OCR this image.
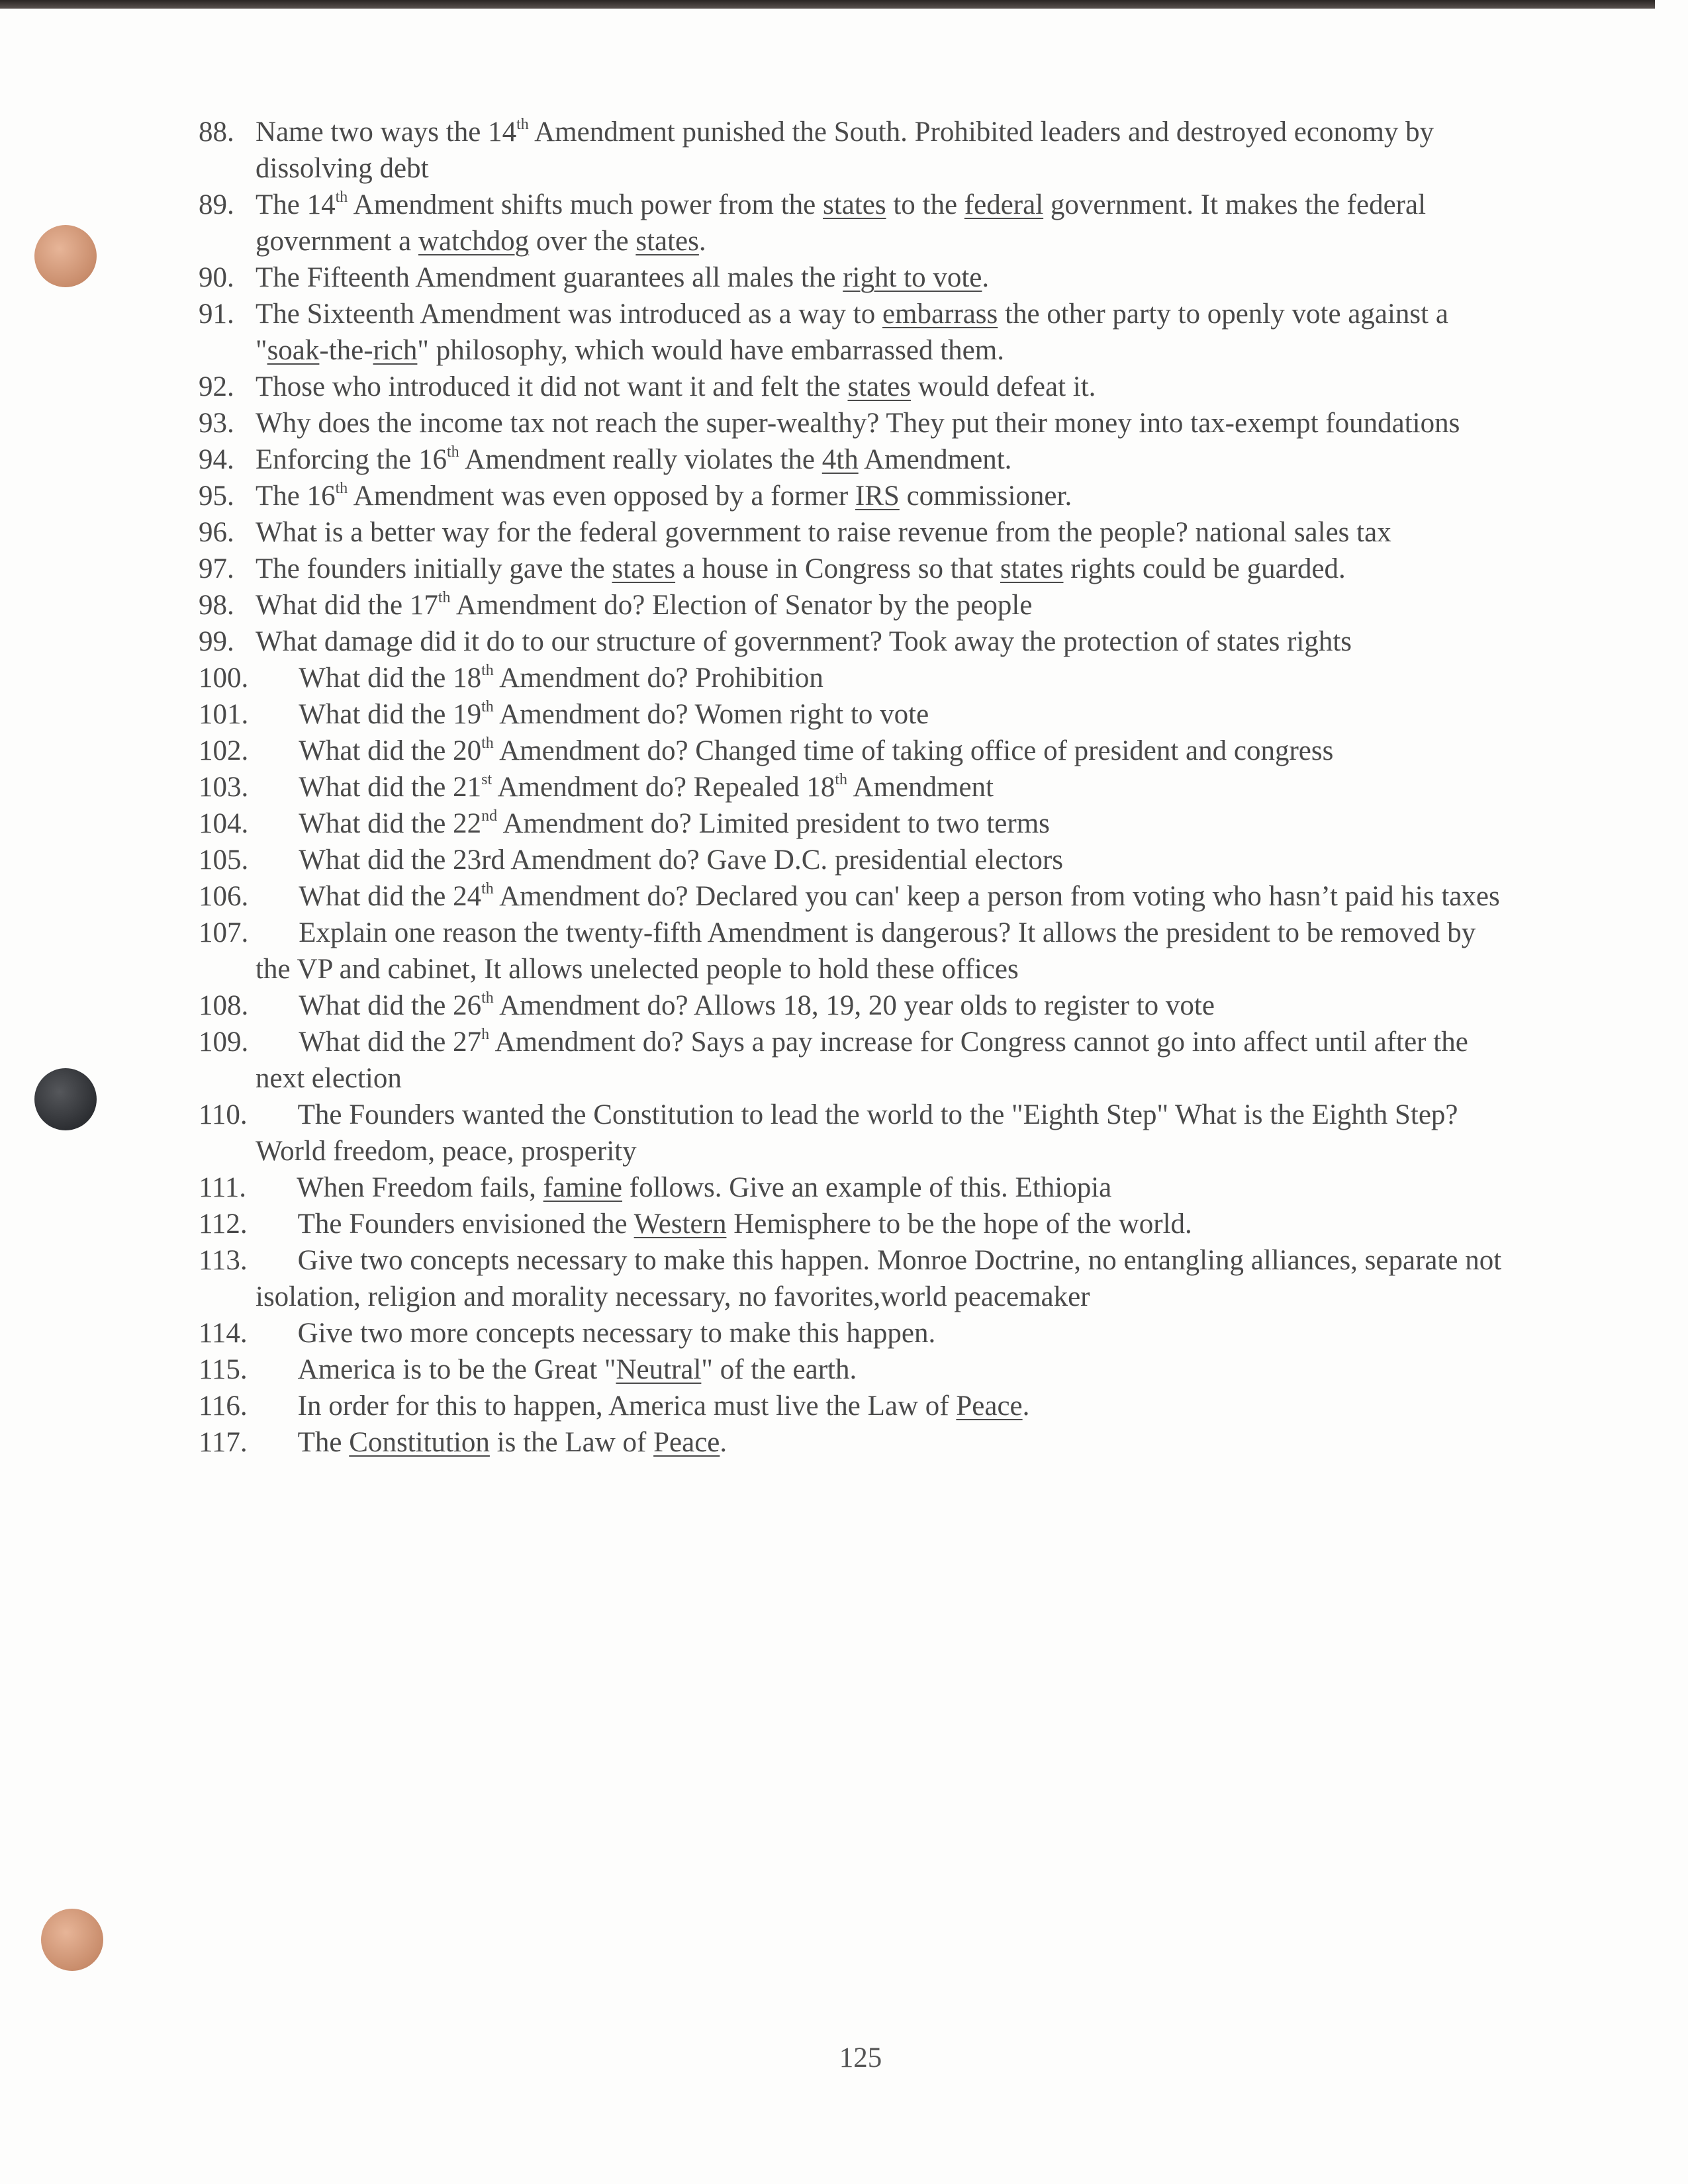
88. Name two ways the 14th Amendment punished the South. Prohibited leaders and destroyed economy by dissolving debt
89. The 14th Amendment shifts much power from the states to the federal government. It makes the federal government a watchdog over the states.
90. The Fifteenth Amendment guarantees all males the right to vote.
91. The Sixteenth Amendment was introduced as a way to embarrass the other party to openly vote against a "soak-the-rich" philosophy, which would have embarrassed them.
92. Those who introduced it did not want it and felt the states would defeat it.
93. Why does the income tax not reach the super-wealthy? They put their money into tax-exempt foundations
94. Enforcing the 16th Amendment really violates the 4th Amendment.
95. The 16th Amendment was even opposed by a former IRS commissioner.
96. What is a better way for the federal government to raise revenue from the people? national sales tax
97. The founders initially gave the states a house in Congress so that states rights could be guarded.
98. What did the 17th Amendment do? Election of Senator by the people
99. What damage did it do to our structure of government? Took away the protection of states rights
100. What did the 18th Amendment do? Prohibition
101. What did the 19th Amendment do? Women right to vote
102. What did the 20th Amendment do? Changed time of taking office of president and congress
103. What did the 21st Amendment do? Repealed 18th Amendment
104. What did the 22nd Amendment do? Limited president to two terms
105. What did the 23rd Amendment do? Gave D.C. presidential electors
106. What did the 24th Amendment do? Declared you can' keep a person from voting who hasn’t paid his taxes
107. Explain one reason the twenty-fifth Amendment is dangerous? It allows the president to be removed by the VP and cabinet, It allows unelected people to hold these offices
108. What did the 26th Amendment do? Allows 18, 19, 20 year olds to register to vote
109. What did the 27$^h$ Amendment do? Says a pay increase for Congress cannot go into affect until after the next election
110. The Founders wanted the Constitution to lead the world to the "Eighth Step" What is the Eighth Step? World freedom, peace, prosperity
111. When Freedom fails, famine follows. Give an example of this. Ethiopia
112. The Founders envisioned the Western Hemisphere to be the hope of the world.
113. Give two concepts necessary to make this happen. Monroe Doctrine, no entangling alliances, separate not isolation, religion and morality necessary, no favorites,world peacemaker
114. Give two more concepts necessary to make this happen.
115. America is to be the Great "Neutral" of the earth.
116. In order for this to happen, America must live the Law of Peace.
117. The Constitution is the Law of Peace.
125
